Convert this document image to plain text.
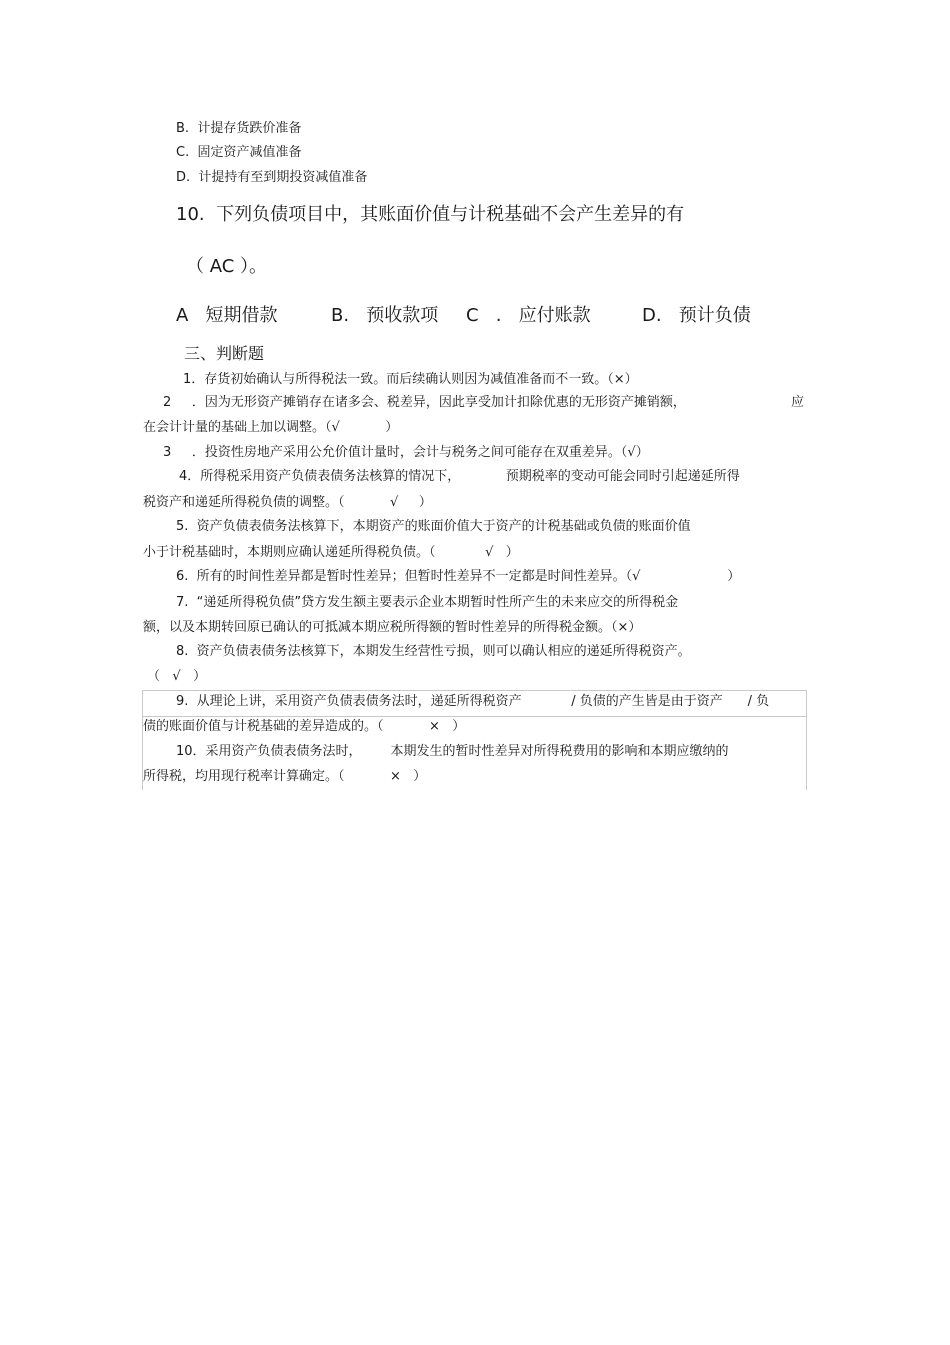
B.  计提存货跌价准备
C.  固定资产减值准备
D.  计提持有至到期投资减值准备
10.  下列负债项目中，其账面价值与计税基础不会产生差异的有
（ AC ）。
A   短期借款	B.   预收款项 C   .   应付账款	D.   预计负债
三、判断题
1．存货初始确认与所得税法一致。而后续确认则因为减值准备而不一致。（×）
2     ．因为无形资产摊销存在诸多会、税差异，因此享受加计扣除优惠的无形资产摊销额，	应
在会计计量的基础上加以调整。（√           ）
3     ．投资性房地产采用公允价值计量时，会计与税务之间可能存在双重差异。（√）
4．所得税采用资产负债表债务法核算的情况下，           预期税率的变动可能会同时引起递延所得
税资产和递延所得税负债的调整。（           √     ）
5.  资产负债表债务法核算下，本期资产的账面价值大于资产的计税基础或负债的账面价值
小于计税基础时，本期则应确认递延所得税负债。（            √   ）
6.  所有的时间性差异都是暂时性差异；但暂时性差异不一定都是时间性差异。（√                     ）
7.  “递延所得税负债”贷方发生额主要表示企业本期暂时性所产生的未来应交的所得税金
额，以及本期转回原已确认的可抵减本期应税所得额的暂时性差异的所得税金额。（×）
8.  资产负债表债务法核算下，本期发生经营性亏损，则可以确认相应的递延所得税资产。
（   √   ）
9.  从理论上讲，采用资产负债表债务法时，递延所得税资产            / 负债的产生皆是由于资产      / 负
债的账面价值与计税基础的差异造成的。（           ×   ）
10．采用资产负债表债务法时，       本期发生的暂时性差异对所得税费用的影响和本期应缴纳的
所得税，均用现行税率计算确定。（           ×   ）
